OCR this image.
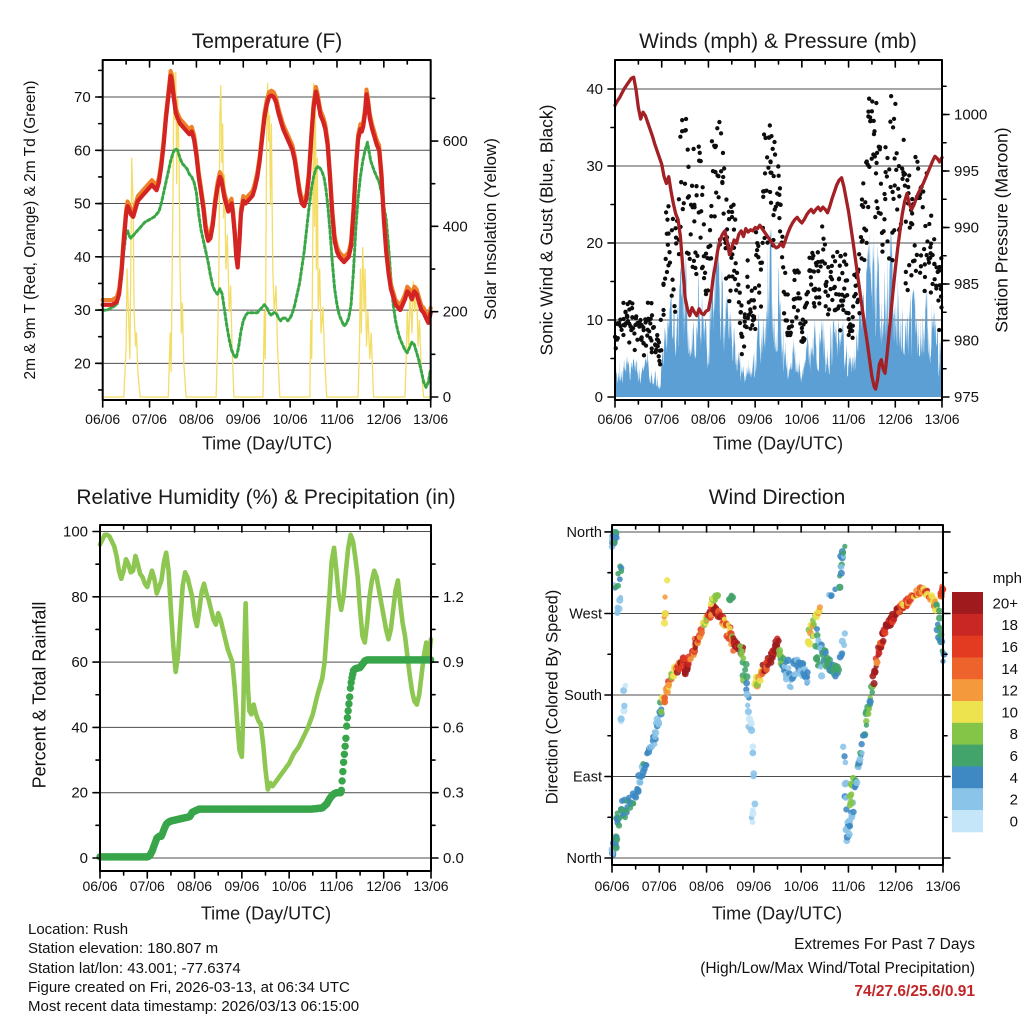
Temperature (F)	Winds (mph) & Pressure (mb)
Relative Humidity (%) & Precipitation (in)	Wind Direction
Time (Day/UTC)	Time (Day/UTC)
Time (Day/UTC)	Time (Day/UTC)
2m & 9m T (Red, Orange) & 2m Td (Green)	Solar Insolation (Yellow) Sonic Wind & Gust (Blue, Black)	Station Pressure (Maroon)
Percent & Total Rainfall	Direction (Colored By Speed)
mph
Location: Rush
Station elevation: 180.807 m
Station lat/lon: 43.001; -77.6374
Figure created on Fri, 2026-03-13, at 06:34 UTC
Most recent data timestamp: 2026/03/13 06:15:00
Extremes For Past 7 Days
(High/Low/Max Wind/Total Precipitation)
74/27.6/25.6/0.91
